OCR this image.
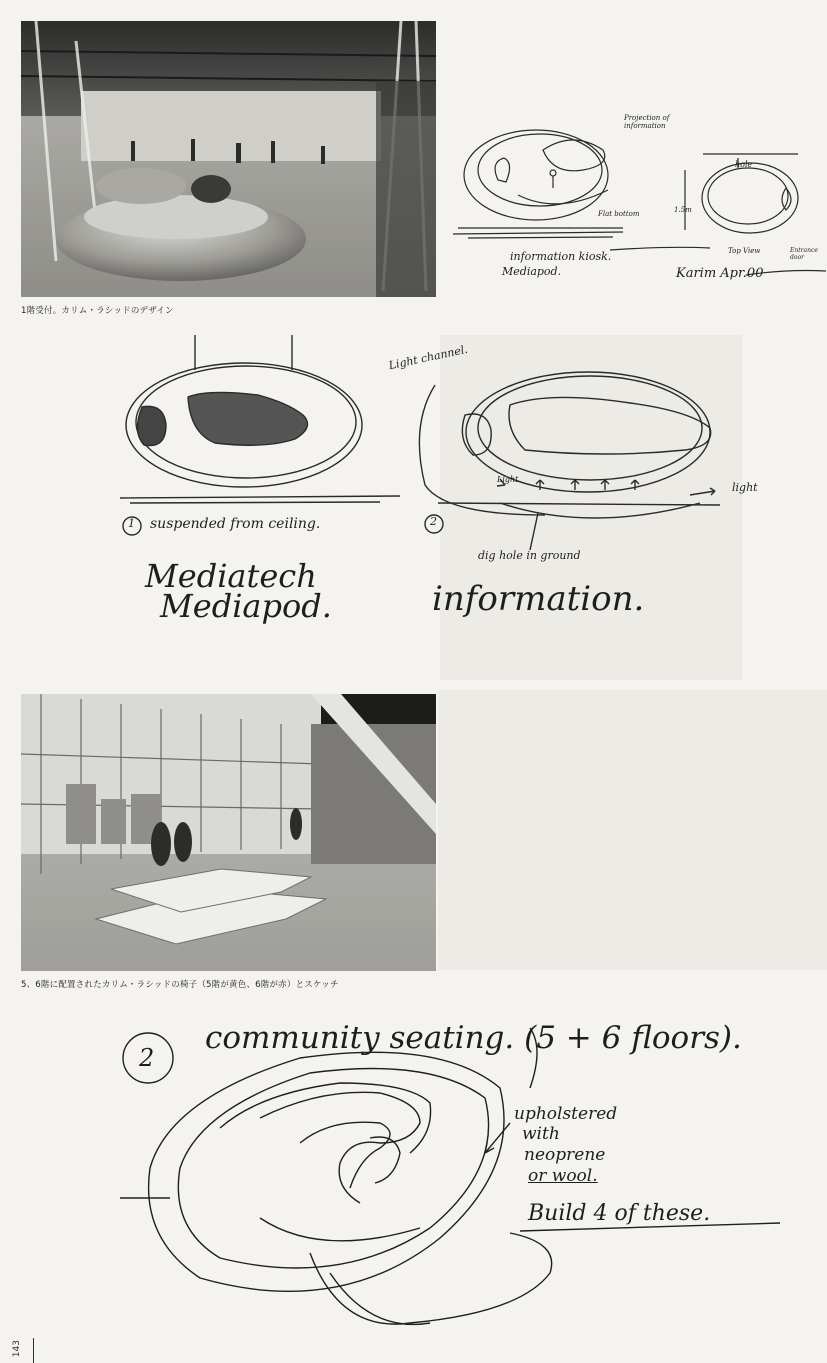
1階受付。カリム・ラシッドのデザイン
Projection of information
Flat bottom	1.5m
hole
Top View	Entrance door
information kiosk.
Mediapod.	Karim Apr.00
Light channel.
Light
light
1 suspended from ceiling.	2
dig hole in ground
Mediatech
Mediapod.	information.
5、6階に配置されたカリム・ラシッドの椅子（5階が黄色、6階が赤）とスケッチ
2
community seating. (5 + 6 floors).
upholstered
with
neoprene
or wool.
Build 4 of these.
143
